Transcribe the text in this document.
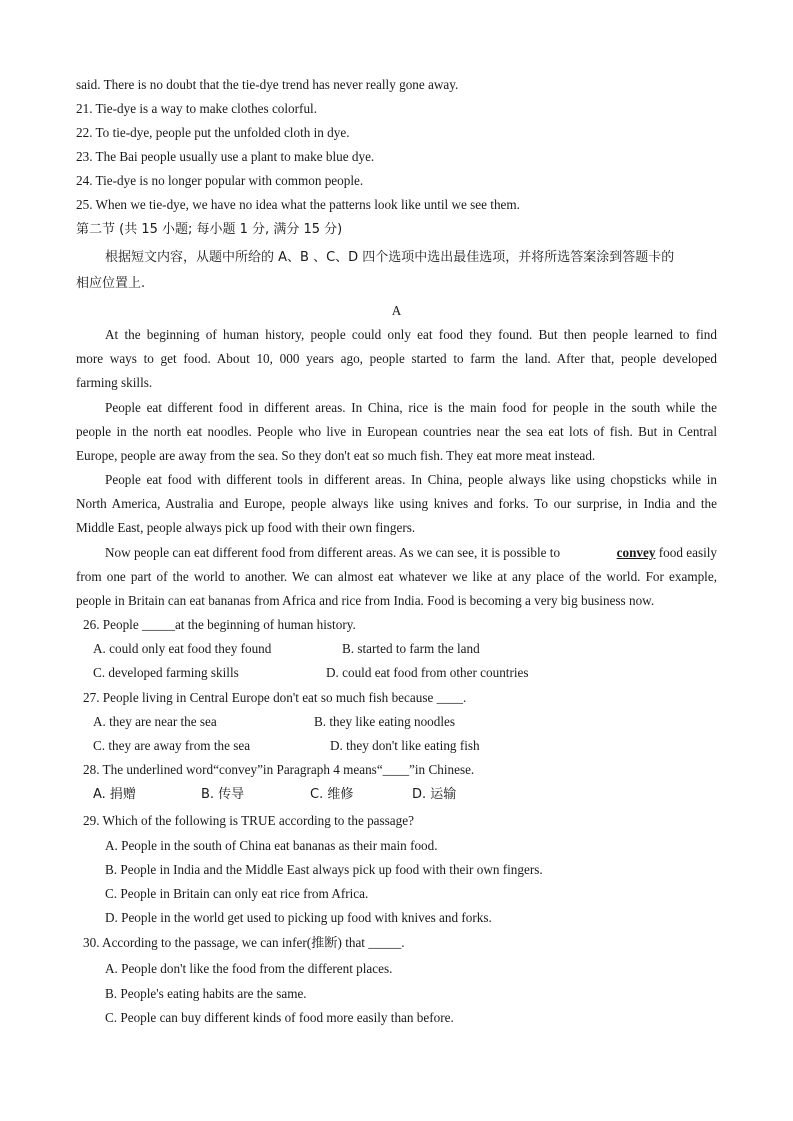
said. There is no doubt that the tie-dye trend has never really gone away.
21. Tie-dye is a way to make clothes colorful.
22. To tie-dye, people put the unfolded cloth in dye.
23. The Bai people usually use a plant to make blue dye.
24. Tie-dye is no longer popular with common people.
25. When we tie-dye, we have no idea what the patterns look like until we see them.
第二节 (共 15 小题; 每小题 1 分, 满分 15 分)
根据短文内容，从题中所给的 A、B 、C、D 四个选项中选出最佳选项，并将所选答案涂到答题卡的
相应位置上.
A
At the beginning of human history, people could only eat food they found. But then people learned to find
more ways to get food. About 10, 000 years ago, people started to farm the land. After that, people developed
farming skills.
People eat different food in different areas. In China, rice is the main food for people in the south while the
people in the north eat noodles. People who live in European countries near the sea eat lots of fish. But in Central
Europe, people are away from the sea. So they don't eat so much fish. They eat more meat instead.
People eat food with different tools in different areas. In China, people always like using chopsticks while in
North America, Australia and Europe, people always like using knives and forks. To our surprise, in India and the
Middle East, people always pick up food with their own fingers.
Now people can eat different food from different areas. As we can see, it is possible to	convey food easily
from one part of the world to another. We can almost eat whatever we like at any place of the world. For example,
people in Britain can eat bananas from Africa and rice from India. Food is becoming a very big business now.
26. People _____at the beginning of human history.
A. could only eat food they found	B. started to farm the land
C. developed farming skills	D. could eat food from other countries
27. People living in Central Europe don't eat so much fish because ____.
A. they are near the sea	B. they like eating noodles
C. they are away from the sea	D. they don't like eating fish
28. The underlined word“convey”in Paragraph 4 means“____”in Chinese.
A. 捐赠	B. 传导	C. 维修	D. 运输
29. Which of the following is TRUE according to the passage?
A. People in the south of China eat bananas as their main food.
B. People in India and the Middle East always pick up food with their own fingers.
C. People in Britain can only eat rice from Africa.
D. People in the world get used to picking up food with knives and forks.
30. According to the passage, we can infer(推断) that _____.
A. People don't like the food from the different places.
B. People's eating habits are the same.
C. People can buy different kinds of food more easily than before.
